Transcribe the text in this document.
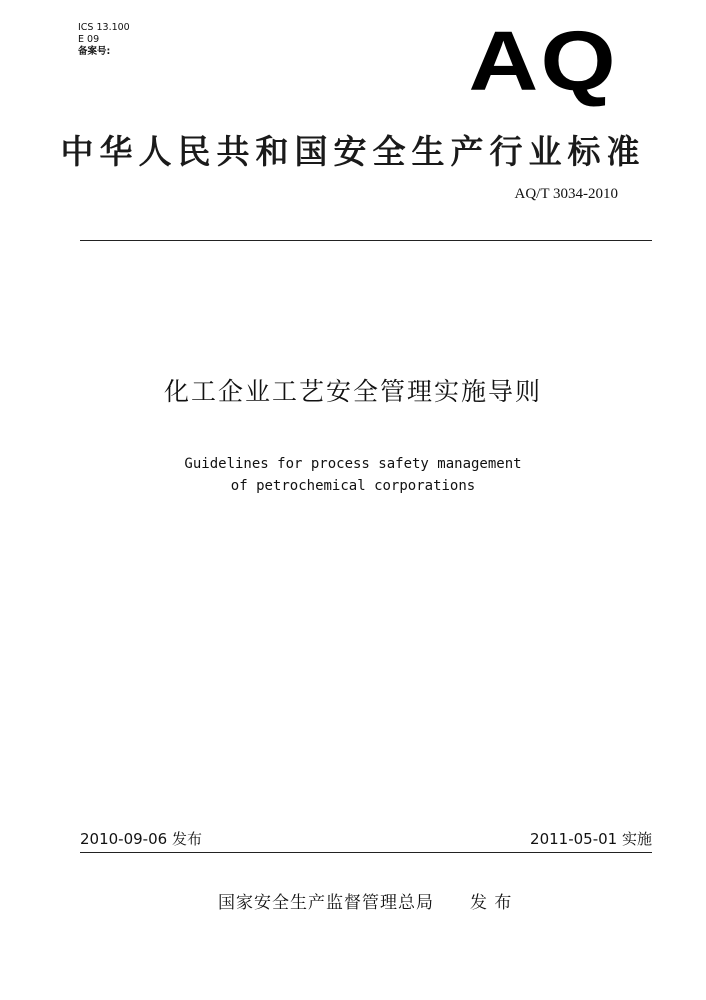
ICS 13.100
E 09
备案号:	AQ
中华人民共和国安全生产行业标准
AQ/T 3034-2010
化工企业工艺安全管理实施导则
Guidelines for process safety management
of petrochemical corporations
2010-09-06 发布	2011-05-01 实施
国家安全生产监督管理总局 发 布
